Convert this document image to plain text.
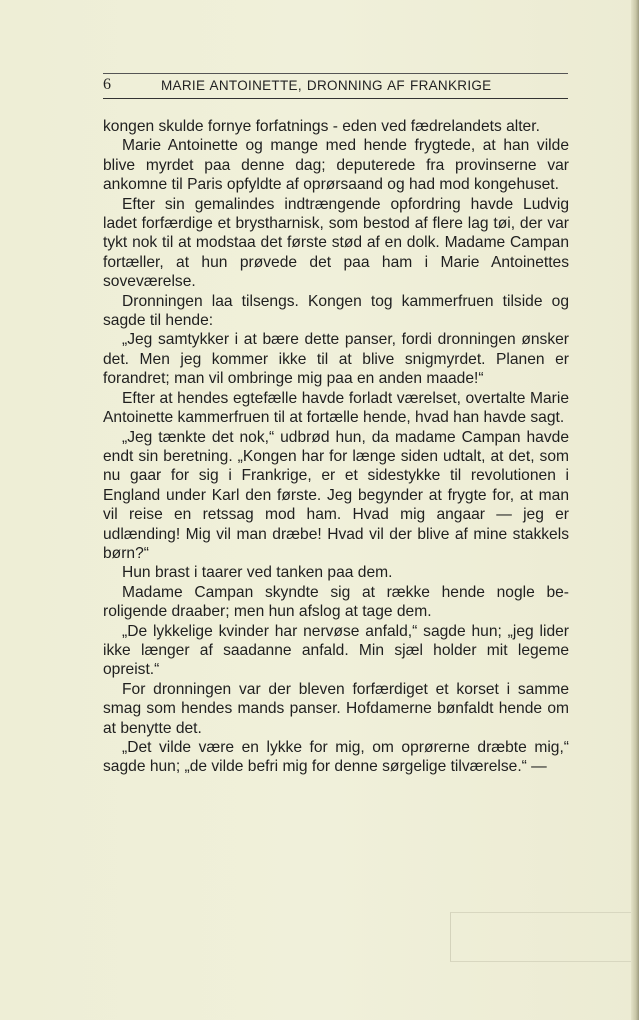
6	MARIE ANTOINETTE, DRONNING AF FRANKRIGE

kongen skulde fornye forfatnings - eden ved fædrelandets alter.

Marie Antoinette og mange med hende frygtede, at han vilde blive myrdet paa denne dag; deputerede fra provinserne var ankomne til Paris opfyldte af oprørsaand og had mod kongehuset.

Efter sin gemalindes indtrængende opfordring havde Ludvig ladet forfærdige et brystharnisk, som bestod af flere lag tøi, der var tykt nok til at modstaa det første stød af en dolk. Madame Campan fortæller, at hun prøvede det paa ham i Marie Antoinettes soveværelse.

Dronningen laa tilsengs. Kongen tog kammerfruen tilside og sagde til hende:

„Jeg samtykker i at bære dette panser, fordi dronningen ønsker det. Men jeg kommer ikke til at blive snigmyrdet. Planen er forandret; man vil ombringe mig paa en anden maade!“

Efter at hendes egtefælle havde forladt værelset, overtalte Marie Antoinette kammerfruen til at fortælle hende, hvad han havde sagt.

„Jeg tænkte det nok,“ udbrød hun, da madame Campan havde endt sin beretning. „Kongen har for længe siden udtalt, at det, som nu gaar for sig i Frankrige, er et sidestykke til revolutionen i England under Karl den første. Jeg begynder at frygte for, at man vil reise en retssag mod ham. Hvad mig angaar — jeg er udlænding! Mig vil man dræbe! Hvad vil der blive af mine stakkels børn?“

Hun brast i taarer ved tanken paa dem.

Madame Campan skyndte sig at række hende nogle beroligende draaber; men hun afslog at tage dem.

„De lykkelige kvinder har nervøse anfald,“ sagde hun; „jeg lider ikke længer af saadanne anfald. Min sjæl holder mit legeme opreist.“

For dronningen var der bleven forfærdiget et korset i samme smag som hendes mands panser. Hofdamerne bønfaldt hende om at benytte det.

„Det vilde være en lykke for mig, om oprørerne dræbte mig,“ sagde hun; „de vilde befri mig for denne sørgelige tilværelse.“ —
